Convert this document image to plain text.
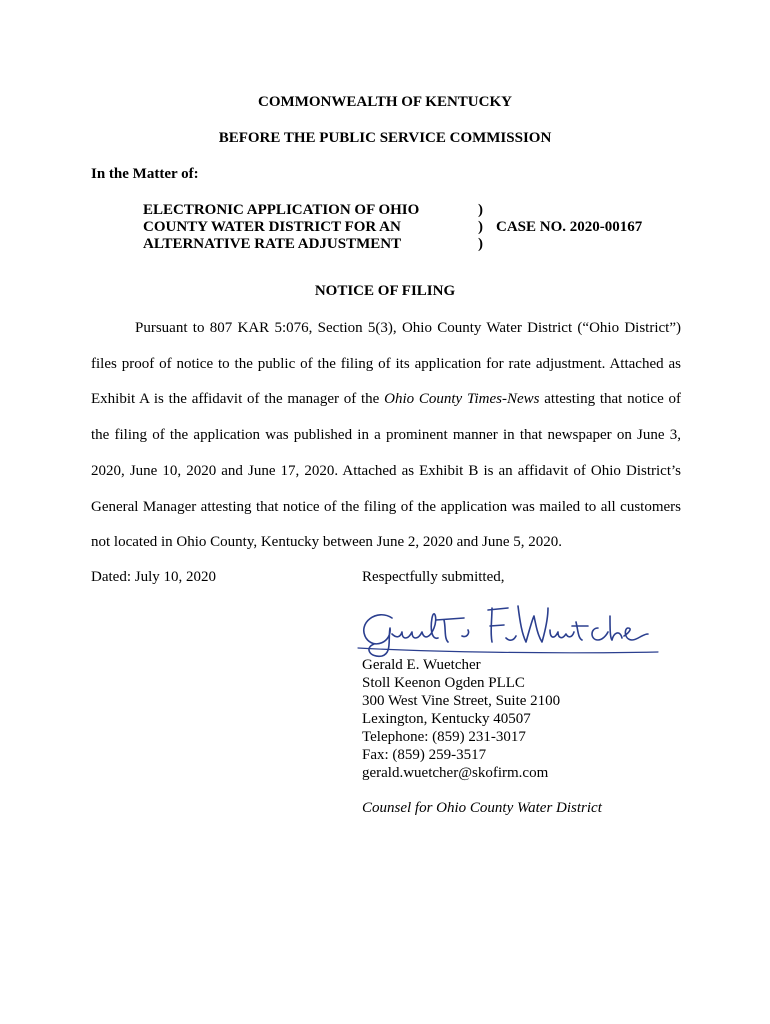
COMMONWEALTH OF KENTUCKY
BEFORE THE PUBLIC SERVICE COMMISSION
In the Matter of:
ELECTRONIC APPLICATION OF OHIO
COUNTY WATER DISTRICT FOR AN
ALTERNATIVE RATE ADJUSTMENT
)
)
)
CASE NO. 2020-00167
NOTICE OF FILING
Pursuant to 807 KAR 5:076, Section 5(3), Ohio County Water District (“Ohio District”)
files proof of notice to the public of the filing of its application for rate adjustment. Attached as
Exhibit A is the affidavit of the manager of the Ohio County Times-News attesting that notice of
the filing of the application was published in a prominent manner in that newspaper on June 3,
2020, June 10, 2020 and June 17, 2020. Attached as Exhibit B is an affidavit of Ohio District’s
General Manager attesting that notice of the filing of the application was mailed to all customers
not located in Ohio County, Kentucky between June 2, 2020 and June 5, 2020.
Dated: July 10, 2020	Respectfully submitted,
Gerald E. Wuetcher
Stoll Keenon Ogden PLLC
300 West Vine Street, Suite 2100
Lexington, Kentucky 40507
Telephone: (859) 231-3017
Fax: (859) 259-3517
gerald.wuetcher@skofirm.com
Counsel for Ohio County Water District
